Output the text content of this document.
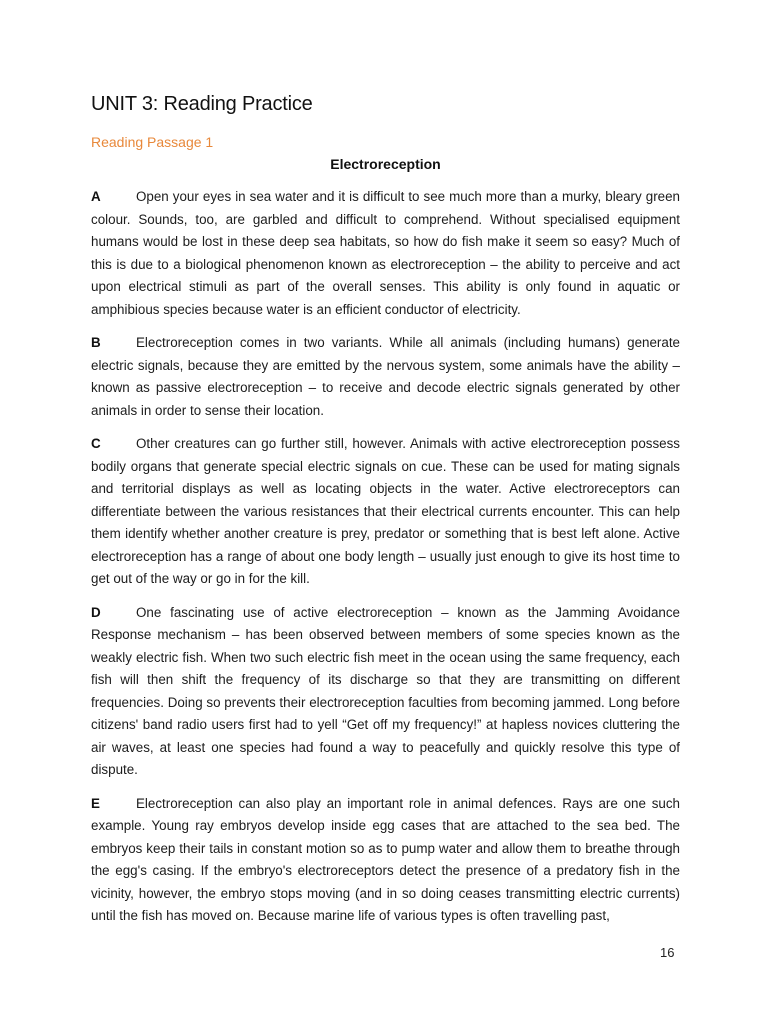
UNIT 3: Reading Practice
Reading Passage 1
Electroreception

A	Open your eyes in sea water and it is difficult to see much more than a murky, bleary green colour. Sounds, too, are garbled and difficult to comprehend. Without specialised equipment humans would be lost in these deep sea habitats, so how do fish make it seem so easy? Much of this is due to a biological phenomenon known as electroreception – the ability to perceive and act upon electrical stimuli as part of the overall senses. This ability is only found in aquatic or amphibious species because water is an efficient conductor of electricity.

B	Electroreception comes in two variants. While all animals (including humans) generate electric signals, because they are emitted by the nervous system, some animals have the ability – known as passive electroreception – to receive and decode electric signals generated by other animals in order to sense their location.

C	Other creatures can go further still, however. Animals with active electroreception possess bodily organs that generate special electric signals on cue. These can be used for mating signals and territorial displays as well as locating objects in the water. Active electroreceptors can differentiate between the various resistances that their electrical currents encounter. This can help them identify whether another creature is prey, predator or something that is best left alone. Active electroreception has a range of about one body length – usually just enough to give its host time to get out of the way or go in for the kill.

D	One fascinating use of active electroreception – known as the Jamming Avoidance Response mechanism – has been observed between members of some species known as the weakly electric fish. When two such electric fish meet in the ocean using the same frequency, each fish will then shift the frequency of its discharge so that they are transmitting on different frequencies. Doing so prevents their electroreception faculties from becoming jammed. Long before citizens' band radio users first had to yell “Get off my frequency!” at hapless novices cluttering the air waves, at least one species had found a way to peacefully and quickly resolve this type of dispute.

E	Electroreception can also play an important role in animal defences. Rays are one such example. Young ray embryos develop inside egg cases that are attached to the sea bed. The embryos keep their tails in constant motion so as to pump water and allow them to breathe through the egg's casing. If the embryo's electroreceptors detect the presence of a predatory fish in the vicinity, however, the embryo stops moving (and in so doing ceases transmitting electric currents) until the fish has moved on. Because marine life of various types is often travelling past,

16
